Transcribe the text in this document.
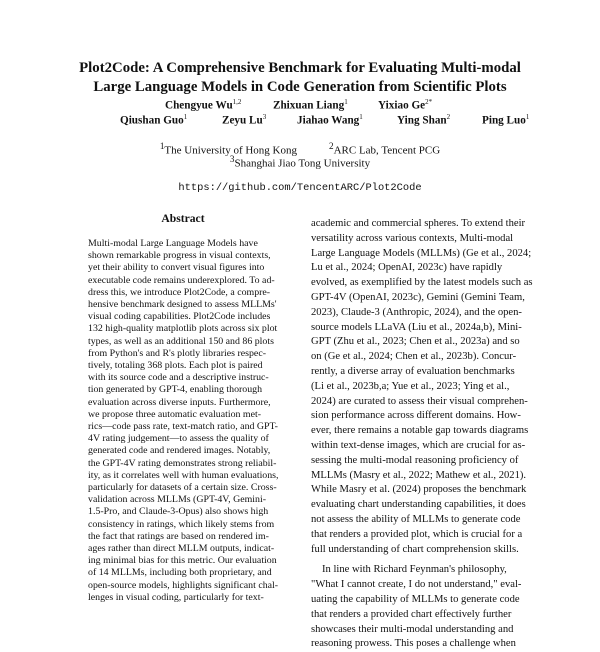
Plot2Code: A Comprehensive Benchmark for Evaluating Multi-modal
Large Language Models in Code Generation from Scientific Plots
Chengyue Wu$^{1,2}$	Zhixuan Liang$^1$	Yixiao $Ge^{2*}$
Qiushan Guo$^1$	Zeyu Lu$^3$	Jiahao Wang$^1$	Ying Shan$^2$	Ping Luo$^1$
$^1$The University of Hong Kong	$^2$ARC Lab, Tencent PCG
$^3$Shanghai Jiao Tong University
https://github.com/TencentARC/Plot2Code
Abstract
Multi-modal Large Language Models have
shown remarkable progress in visual contexts,
yet their ability to convert visual figures into
executable code remains underexplored. To ad-
dress this, we introduce Plot2Code, a compre-
hensive benchmark designed to assess MLLMs'
visual coding capabilities. Plot2Code includes
132 high-quality matplotlib plots across six plot
types, as well as an additional 150 and 86 plots
from Python's and R's plotly libraries respec-
tively, totaling 368 plots. Each plot is paired
with its source code and a descriptive instruc-
tion generated by GPT-4, enabling thorough
evaluation across diverse inputs. Furthermore,
we propose three automatic evaluation met-
rics—code pass rate, text-match ratio, and GPT-
4V rating judgement—to assess the quality of
generated code and rendered images. Notably,
the GPT-4V rating demonstrates strong reliabil-
ity, as it correlates well with human evaluations,
particularly for datasets of a certain size. Cross-
validation across MLLMs (GPT-4V, Gemini-
1.5-Pro, and Claude-3-Opus) also shows high
consistency in ratings, which likely stems from
the fact that ratings are based on rendered im-
ages rather than direct MLLM outputs, indicat-
ing minimal bias for this metric. Our evaluation
of 14 MLLMs, including both proprietary, and
open-source models, highlights significant chal-
lenges in visual coding, particularly for text-
academic and commercial spheres. To extend their
versatility across various contexts, Multi-modal
Large Language Models (MLLMs) (Ge et al., 2024;
Lu et al., 2024; OpenAI, 2023c) have rapidly
evolved, as exemplified by the latest models such as
GPT-4V (OpenAI, 2023c), Gemini (Gemini Team,
2023), Claude-3 (Anthropic, 2024), and the open-
source models LLaVA (Liu et al., 2024a,b), Mini-
GPT (Zhu et al., 2023; Chen et al., 2023a) and so
on (Ge et al., 2024; Chen et al., 2023b). Concur-
rently, a diverse array of evaluation benchmarks
(Li et al., 2023b,a; Yue et al., 2023; Ying et al.,
2024) are curated to assess their visual comprehen-
sion performance across different domains. How-
ever, there remains a notable gap towards diagrams
within text-dense images, which are crucial for as-
sessing the multi-modal reasoning proficiency of
MLLMs (Masry et al., 2022; Mathew et al., 2021).
While Masry et al. (2024) proposes the benchmark
evaluating chart understanding capabilities, it does
not assess the ability of MLLMs to generate code
that renders a provided plot, which is crucial for a
full understanding of chart comprehension skills.
In line with Richard Feynman's philosophy,
"What I cannot create, I do not understand," eval-
uating the capability of MLLMs to generate code
that renders a provided chart effectively further
showcases their multi-modal understanding and
reasoning prowess. This poses a challenge when
